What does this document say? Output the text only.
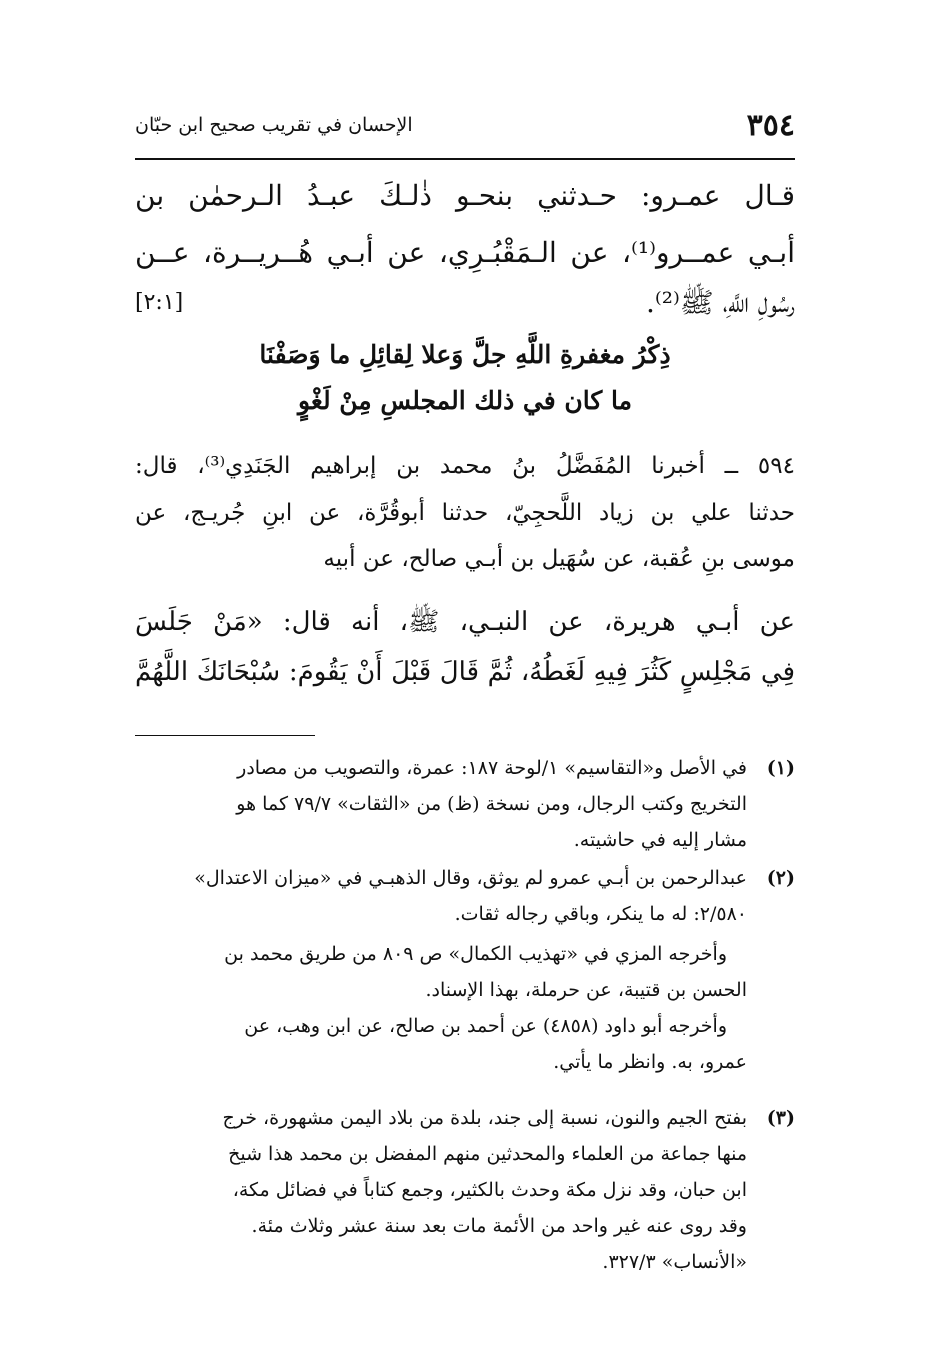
٣٥٤
الإحسان في تقريب صحيح ابن حبّان
قـال عمـرو: حـدثني بنحـو ذٰلـكَ عبـدُ الـرحمٰن بن
أبـي عمــرو⁽¹⁾، عن الـمَقْبُـرِي، عن أبـي هُــريــرة، عــن
رسُولِ اللَّهِ، ﷺ⁽²⁾.
[٢:١]
ذِكْرُ مغفرةِ اللَّهِ جلَّ وَعلا لِقائِلِ ما وَصَفْنَا
ما كان في ذلك المجلسِ مِنْ لَغْوٍ
٥٩٤ ــ أخبرنا المُفَضَّلُ بنُ محمد بن إبراهيم الجَنَدِي⁽³⁾، قال:
حدثنا علي بن زياد اللَّحجِيّ، حدثنا أبوقُرَّة، عن ابنِ جُريـج، عن
موسى بنِ عُقبة، عن سُهَيل بن أبـي صالح، عن أبيه
عن أبـي هريرة، عن النبـي، ﷺ، أنه قال: «مَنْ جَلَسَ
فِي مَجْلِسٍ كَثُرَ فِيهِ لَغَطُهُ، ثُمَّ قَالَ قَبْلَ أَنْ يَقُومَ: سُبْحَانَكَ اللَّهُمَّ
(١)
في الأصل و«التقاسيم» ١/لوحة ١٨٧: عمرة، والتصويب من مصادر
التخريج وكتب الرجال، ومن نسخة (ظ) من «الثقات» ٧٩/٧ كما هو
مشار إليه في حاشيته.
(٢)
عبدالرحمن بن أبـي عمرو لم يوثق، وقال الذهبـي في «ميزان الاعتدال»
٢/٥٨٠: له ما ينكر، وباقي رجاله ثقات.
وأخرجه المزي في «تهذيب الكمال» ص ٨٠٩ من طريق محمد بن
الحسن بن قتيبة، عن حرملة، بهذا الإسناد.
وأخرجه أبو داود (٤٨٥٨) عن أحمد بن صالح، عن ابن وهب، عن
عمرو، به. وانظر ما يأتي.
(٣)
بفتح الجيم والنون، نسبة إلى جند، بلدة من بلاد اليمن مشهورة، خرج
منها جماعة من العلماء والمحدثين منهم المفضل بن محمد هذا شيخ
ابن حبان، وقد نزل مكة وحدث بالكثير، وجمع كتاباً في فضائل مكة،
وقد روى عنه غير واحد من الأئمة مات بعد سنة عشر وثلاث مئة.
«الأنساب» ٣٢٧/٣.
